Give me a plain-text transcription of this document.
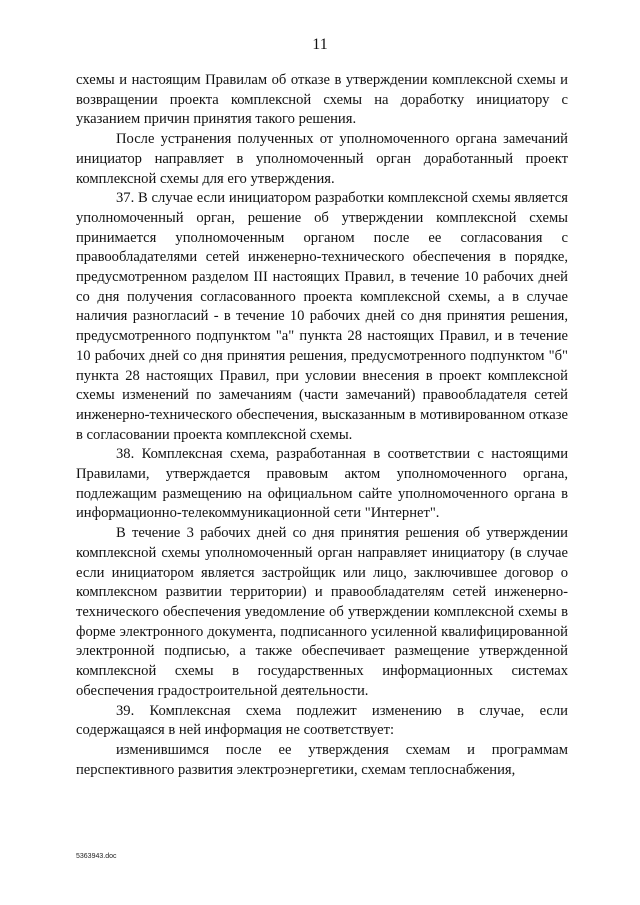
11

схемы и настоящим Правилам об отказе в утверждении комплексной схемы и возвращении проекта комплексной схемы на доработку инициатору с указанием причин принятия такого решения.

После устранения полученных от уполномоченного органа замечаний инициатор направляет в уполномоченный орган доработанный проект комплексной схемы для его утверждения.

37. В случае если инициатором разработки комплексной схемы является уполномоченный орган, решение об утверждении комплексной схемы принимается уполномоченным органом после ее согласования с правообладателями сетей инженерно-технического обеспечения в порядке, предусмотренном разделом III настоящих Правил, в течение 10 рабочих дней со дня получения согласованного проекта комплексной схемы, а в случае наличия разногласий - в течение 10 рабочих дней со дня принятия решения, предусмотренного подпунктом "а" пункта 28 настоящих Правил, и в течение 10 рабочих дней со дня принятия решения, предусмотренного подпунктом "б" пункта 28 настоящих Правил, при условии внесения в проект комплексной схемы изменений по замечаниям (части замечаний) правообладателя сетей инженерно-технического обеспечения, высказанным в мотивированном отказе в согласовании проекта комплексной схемы.

38. Комплексная схема, разработанная в соответствии с настоящими Правилами, утверждается правовым актом уполномоченного органа, подлежащим размещению на официальном сайте уполномоченного органа в информационно-телекоммуникационной сети "Интернет".

В течение 3 рабочих дней со дня принятия решения об утверждении комплексной схемы уполномоченный орган направляет инициатору (в случае если инициатором является застройщик или лицо, заключившее договор о комплексном развитии территории) и правообладателям сетей инженерно-технического обеспечения уведомление об утверждении комплексной схемы в форме электронного документа, подписанного усиленной квалифицированной электронной подписью, а также обеспечивает размещение утвержденной комплексной схемы в государственных информационных системах обеспечения градостроительной деятельности.

39. Комплексная схема подлежит изменению в случае, если содержащаяся в ней информация не соответствует:

изменившимся после ее утверждения схемам и программам перспективного развития электроэнергетики, схемам теплоснабжения,

5363943.doc
